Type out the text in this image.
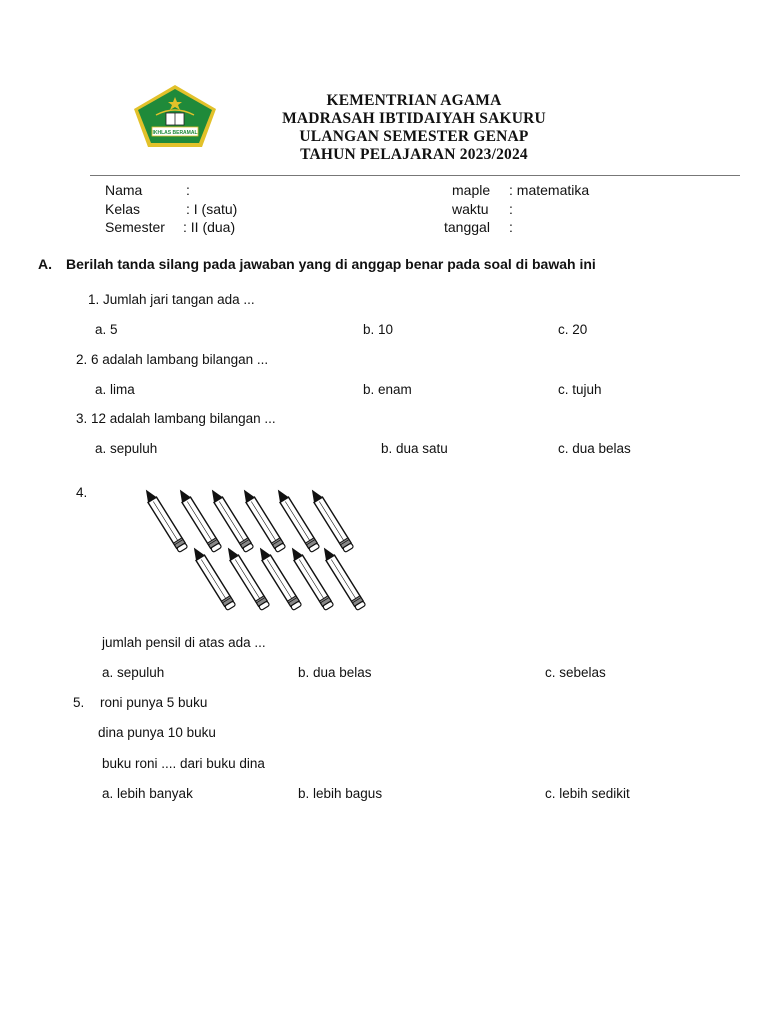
IKHLAS BERAMAL
KEMENTRIAN AGAMA
MADRASAH IBTIDAIYAH SAKURU
ULANGAN SEMESTER GENAP
TAHUN PELAJARAN 2023/2024
Nama	:
Kelas	: I (satu)
Semester : II (dua)
maple : matematika
waktu :
tanggal :
A. Berilah tanda silang pada jawaban yang di anggap benar pada soal di bawah ini
1. Jumlah jari tangan ada ...
a. 5	b. 10	c. 20
2. 6 adalah lambang bilangan ...
a. lima	b. enam	c. tujuh
3. 12 adalah lambang bilangan ...
a. sepuluh	b. dua satu	c. dua belas
4.
jumlah pensil di atas ada ...
a. sepuluh	b. dua belas	c. sebelas
5. roni punya 5 buku
dina punya 10 buku
buku roni .... dari buku dina
a. lebih banyak	b. lebih bagus	c. lebih sedikit
